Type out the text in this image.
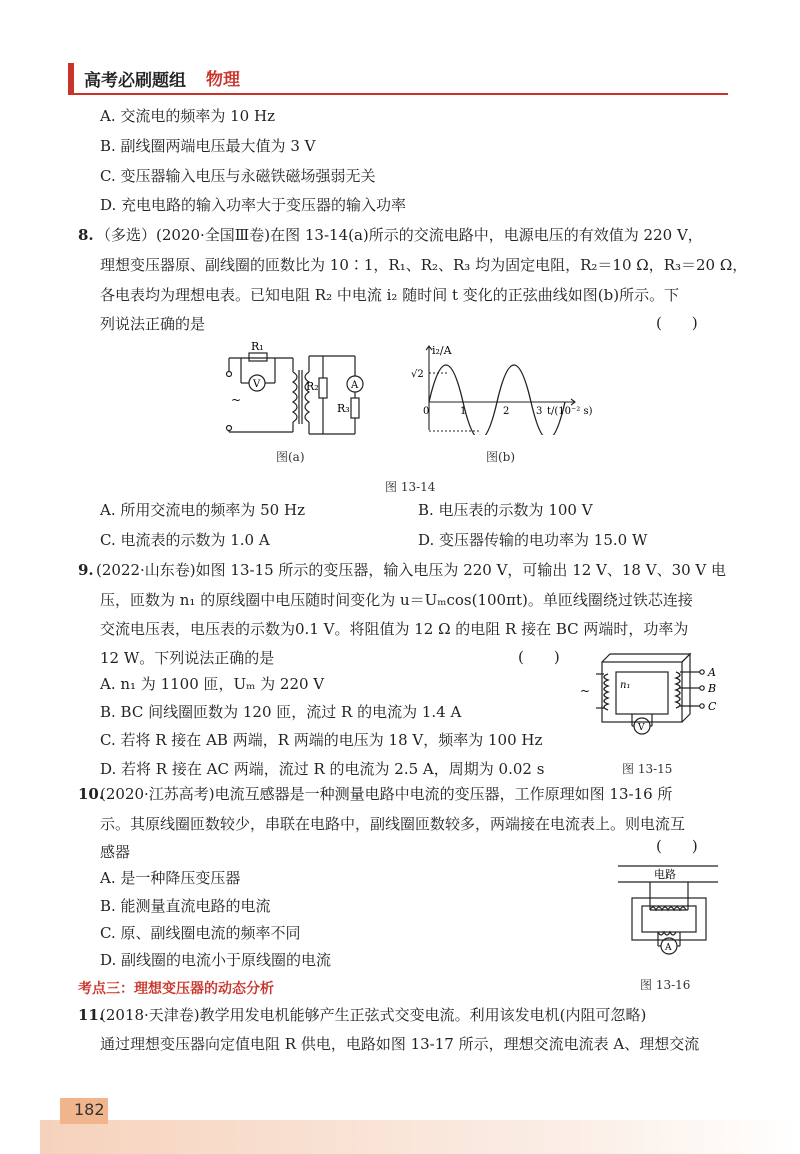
高考必刷题组 物理
A. 交流电的频率为 10 Hz
B. 副线圈两端电压最大值为 3 V
C. 变压器输入电压与永磁铁磁场强弱无关
D. 充电电路的输入功率大于变压器的输入功率
8. （多选）(2020·全国Ⅲ卷)在图 13-14(a)所示的交流电路中，电源电压的有效值为 220 V，
理想变压器原、副线圈的匝数比为 10∶1，R₁、R₂、R₃ 均为固定电阻，R₂＝10 Ω，R₃＝20 Ω，
各电表均为理想电表。已知电阻 R₂ 中电流 i₂ 随时间 t 变化的正弦曲线如图(b)所示。下
列说法正确的是	(　　)
R₁
V
~
R₂	A
R₃
i₂/A
√2
0	1	2	3 t/(10⁻² s)
图(a)	图(b)
图 13-14
A. 所用交流电的频率为 50 Hz	B. 电压表的示数为 100 V
C. 电流表的示数为 1.0 A	D. 变压器传输的电功率为 15.0 W
9. (2022·山东卷)如图 13-15 所示的变压器，输入电压为 220 V，可输出 12 V、18 V、30 V 电
压，匝数为 n₁ 的原线圈中电压随时间变化为 u＝Uₘcos(100πt)。单匝线圈绕过铁芯连接
交流电压表，电压表的示数为0.1 V。将阻值为 12 Ω 的电阻 R 接在 BC 两端时，功率为
12 W。下列说法正确的是	(　　)
A. n₁ 为 1100 匝，Uₘ 为 220 V
B. BC 间线圈匝数为 120 匝，流过 R 的电流为 1.4 A
C. 若将 R 接在 AB 两端，R 两端的电压为 18 V，频率为 100 Hz
D. 若将 R 接在 AC 两端，流过 R 的电流为 2.5 A，周期为 0.02 s
A
B
C
n₁
~
V
图 13-15
10.
(2020·江苏高考)电流互感器是一种测量电路中电流的变压器，工作原理如图 13-16 所
示。其原线圈匝数较少，串联在电路中，副线圈匝数较多，两端接在电流表上。则电流互
感器	(　　)
A. 是一种降压变压器
B. 能测量直流电路的电流
C. 原、副线圈电流的频率不同
D. 副线圈的电流小于原线圈的电流
电路
A
图 13-16
考点三：理想变压器的动态分析
11.
(2018·天津卷)教学用发电机能够产生正弦式交变电流。利用该发电机(内阻可忽略)
通过理想变压器向定值电阻 R 供电，电路如图 13-17 所示，理想交流电流表 A、理想交流
182
